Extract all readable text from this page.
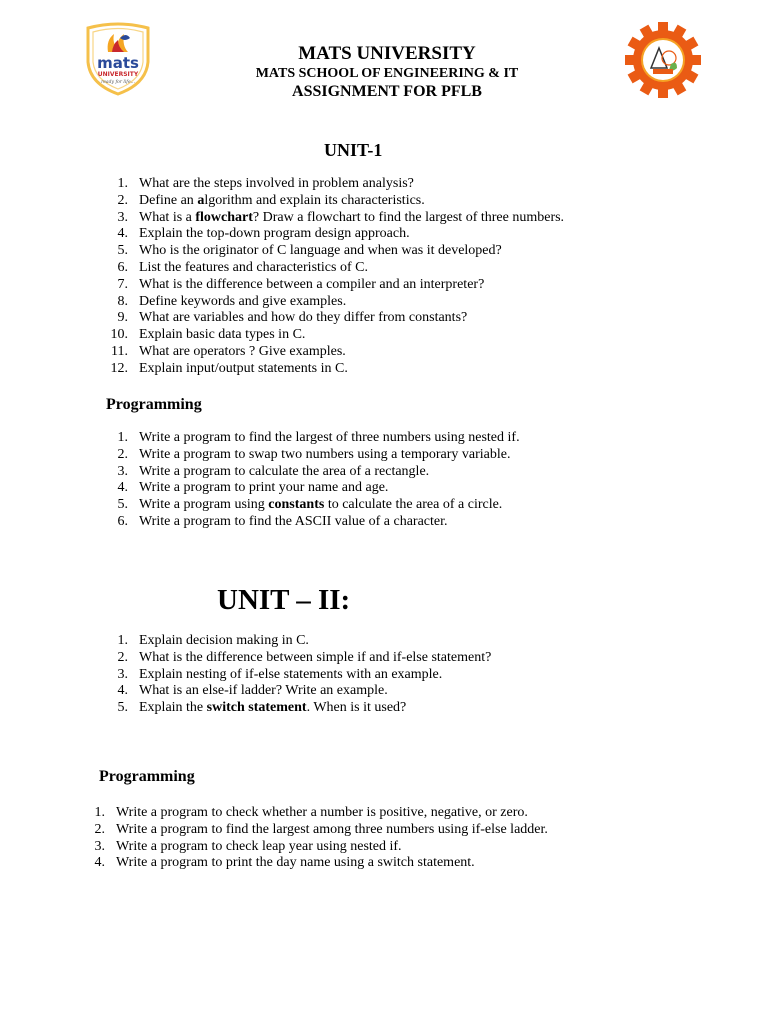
mats
UNIVERSITY
ready for life...

MATS UNIVERSITY

MATS SCHOOL OF ENGINEERING & IT

ASSIGNMENT FOR PFLB

UNIT-1
1. What are the steps involved in problem analysis?
2. Define an algorithm and explain its characteristics.
3. What is a flowchart? Draw a flowchart to find the largest of three numbers.
4. Explain the top-down program design approach.
5. Who is the originator of C language and when was it developed?
6. List the features and characteristics of C.
7. What is the difference between a compiler and an interpreter?
8. Define keywords and give examples.
9. What are variables and how do they differ from constants?
10. Explain basic data types in C.
11. What are operators ? Give examples.
12. Explain input/output statements in C.
Programming
1. Write a program to find the largest of three numbers using nested if.
2. Write a program to swap two numbers using a temporary variable.
3. Write a program to calculate the area of a rectangle.
4. Write a program to print your name and age.
5. Write a program using constants to calculate the area of a circle.
6. Write a program to find the ASCII value of a character.
UNIT – II:
1. Explain decision making in C.
2. What is the difference between simple if and if-else statement?
3. Explain nesting of if-else statements with an example.
4. What is an else-if ladder? Write an example.
5. Explain the switch statement. When is it used?
Programming
1. Write a program to check whether a number is positive, negative, or zero.
2. Write a program to find the largest among three numbers using if-else ladder.
3. Write a program to check leap year using nested if.
4. Write a program to print the day name using a switch statement.
